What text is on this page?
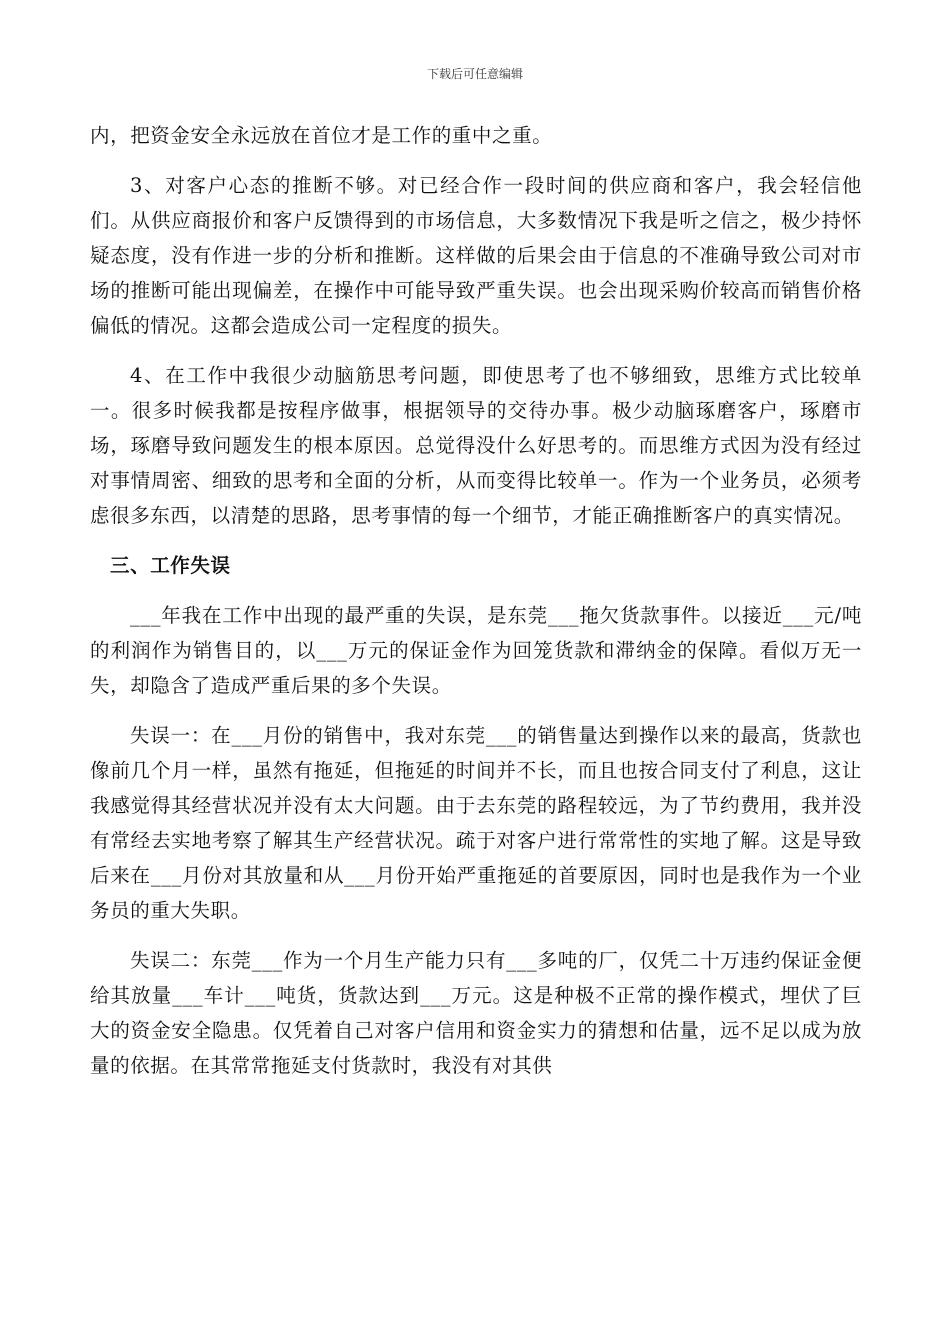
下载后可任意编辑

内，把资金安全永远放在首位才是工作的重中之重。

3、对客户心态的推断不够。对已经合作一段时间的供应商和客户，我会轻信他们。从供应商报价和客户反馈得到的市场信息，大多数情况下我是听之信之，极少持怀疑态度，没有作进一步的分析和推断。这样做的后果会由于信息的不准确导致公司对市场的推断可能出现偏差，在操作中可能导致严重失误。也会出现采购价较高而销售价格偏低的情况。这都会造成公司一定程度的损失。

4、在工作中我很少动脑筋思考问题，即使思考了也不够细致，思维方式比较单一。很多时候我都是按程序做事，根据领导的交待办事。极少动脑琢磨客户，琢磨市场，琢磨导致问题发生的根本原因。总觉得没什么好思考的。而思维方式因为没有经过对事情周密、细致的思考和全面的分析，从而变得比较单一。作为一个业务员，必须考虑很多东西，以清楚的思路，思考事情的每一个细节，才能正确推断客户的真实情况。

三、工作失误

___年我在工作中出现的最严重的失误，是东莞___拖欠货款事件。以接近___元/吨的利润作为销售目的，以___万元的保证金作为回笼货款和滞纳金的保障。看似万无一失，却隐含了造成严重后果的多个失误。

失误一：在___月份的销售中，我对东莞___的销售量达到操作以来的最高，货款也像前几个月一样，虽然有拖延，但拖延的时间并不长，而且也按合同支付了利息，这让我感觉得其经营状况并没有太大问题。由于去东莞的路程较远，为了节约费用，我并没有常经去实地考察了解其生产经营状况。疏于对客户进行常常性的实地了解。这是导致后来在___月份对其放量和从___月份开始严重拖延的首要原因，同时也是我作为一个业务员的重大失职。

失误二：东莞___作为一个月生产能力只有___多吨的厂，仅凭二十万违约保证金便给其放量___车计___吨货，货款达到___万元。这是种极不正常的操作模式，埋伏了巨大的资金安全隐患。仅凭着自己对客户信用和资金实力的猜想和估量，远不足以成为放量的依据。在其常常拖延支付货款时，我没有对其供
